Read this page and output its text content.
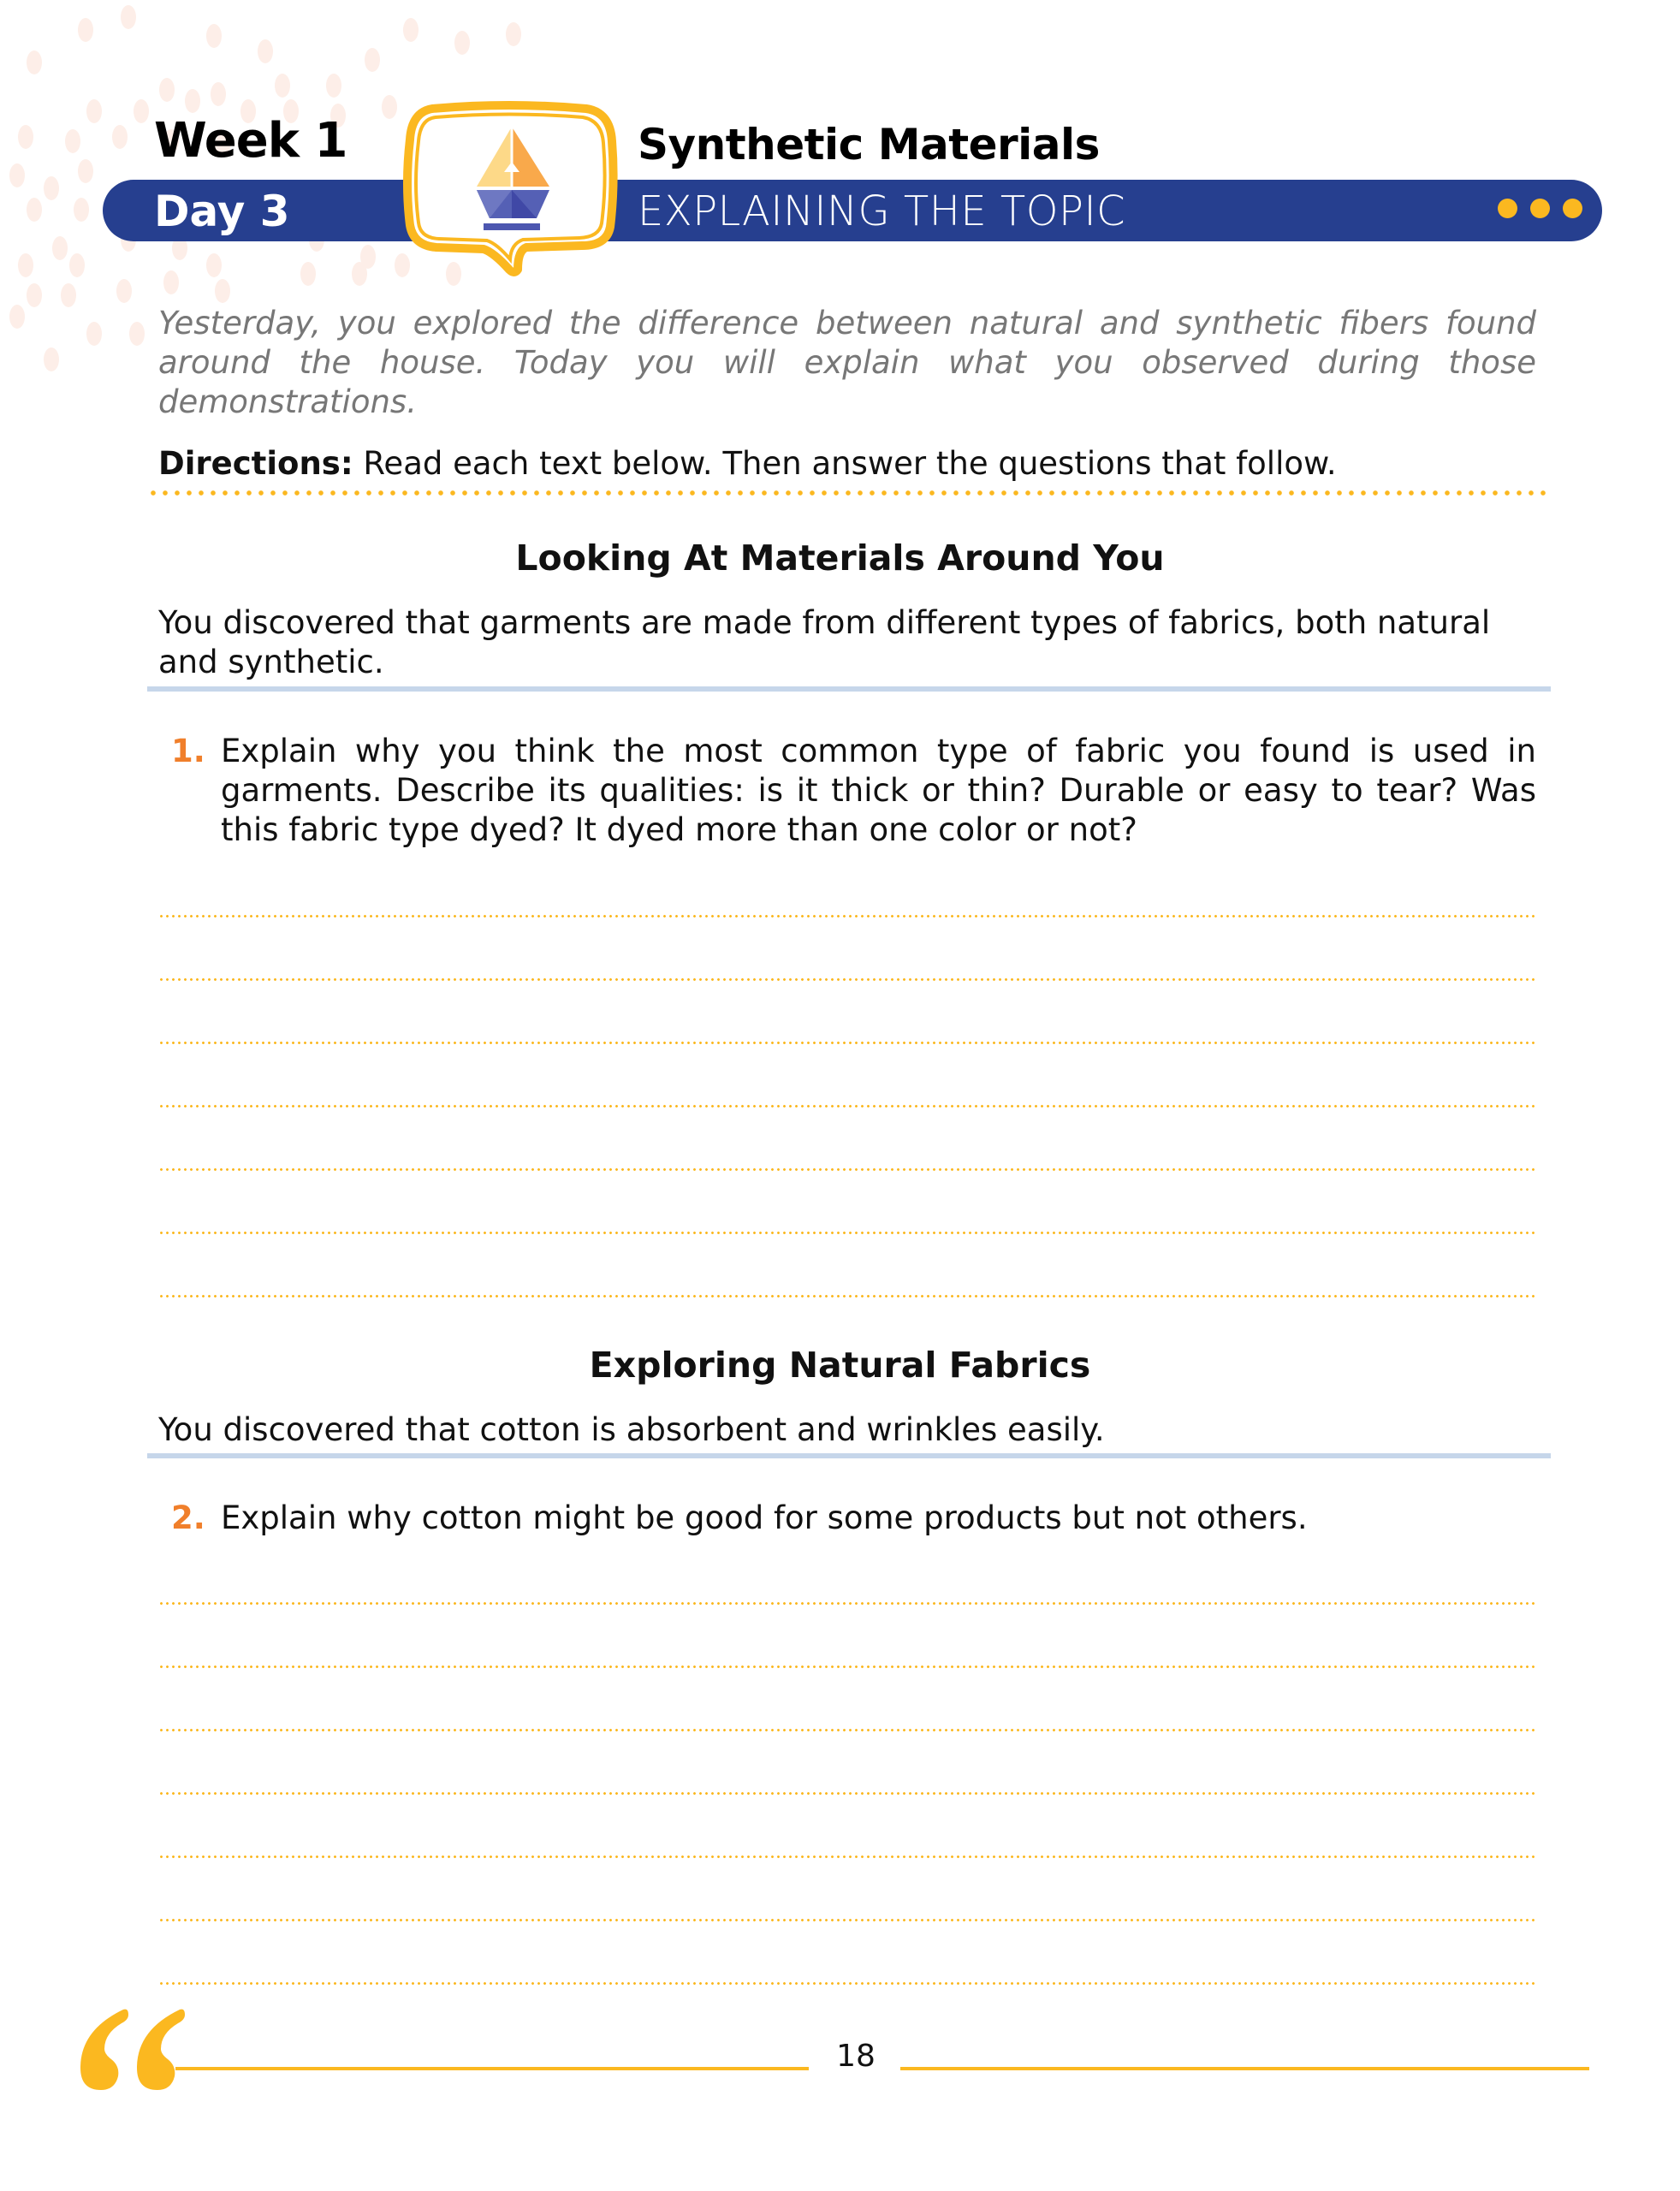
Week 1
Day 3
Synthetic Materials
EXPLAINING THE TOPIC
Yesterday, you explored the difference between natural and synthetic fibers found around the house. Today you will explain what you observed during those demonstrations.
Directions: Read each text below. Then answer the questions that follow.
Looking At Materials Around You
You discovered that garments are made from different types of fabrics, both natural and synthetic.
1. Explain why you think the most common type of fabric you found is used in garments. Describe its qualities: is it thick or thin? Durable or easy to tear? Was this fabric type dyed? It dyed more than one color or not?
Exploring Natural Fabrics
You discovered that cotton is absorbent and wrinkles easily.
2. Explain why cotton might be good for some products but not others.
18
